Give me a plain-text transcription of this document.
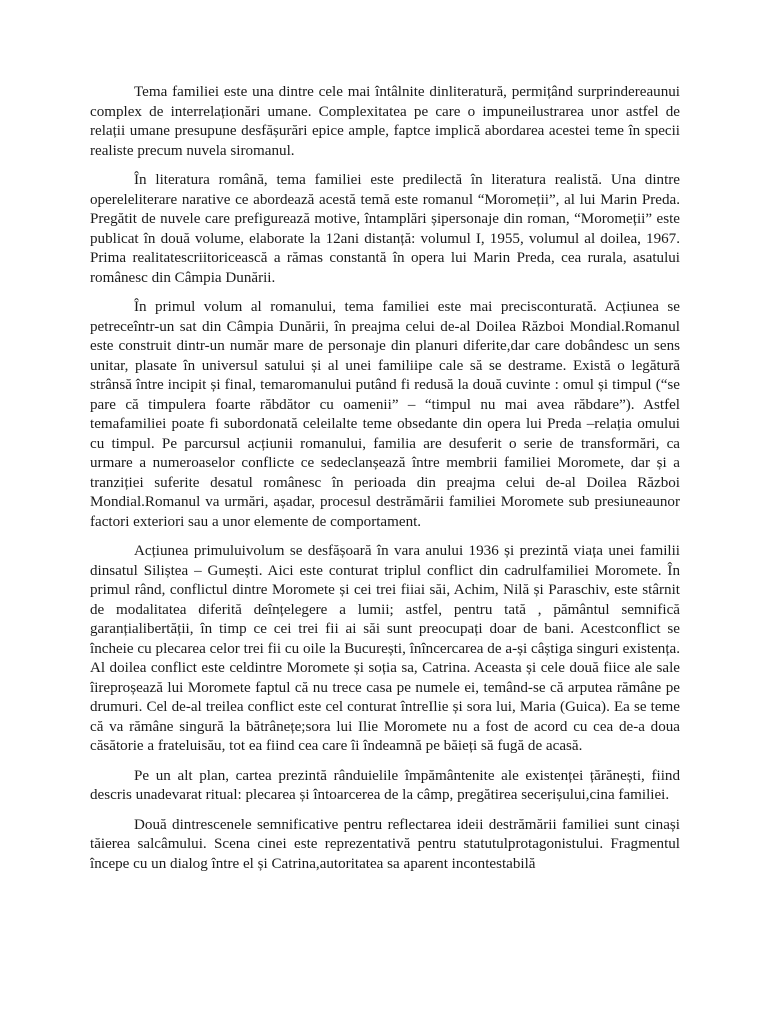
Tema familiei este una dintre cele mai întâlnite dinliteratură, permițând surprindereaunui complex de interrelaționări umane. Complexitatea pe care o impuneilustrarea unor astfel de relații umane presupune desfășurări epice ample, faptce implică abordarea acestei teme în specii realiste precum nuvela siromanul.

În literatura română, tema familiei este predilectă în literatura realistă. Una dintre opereleliterare narative ce abordează acestă temă este romanul “Moromeții”, al lui Marin Preda. Pregătit de nuvele care prefigurează motive, întamplări șipersonaje din roman, “Moromeții” este publicat în două volume, elaborate la 12ani distanță: volumul I, 1955, volumul al doilea, 1967. Prima realitatescriitoricească a rămas constantă în opera lui Marin Preda, cea rurala, asatului românesc din Câmpia Dunării.

În primul volum al romanului, tema familiei este mai precisconturată. Acțiunea se petreceîntr-un sat din Câmpia Dunării, în preajma celui de-al Doilea Război Mondial.Romanul este construit dintr-un număr mare de personaje din planuri diferite,dar care dobândesc un sens unitar, plasate în universul satului și al unei familiipe cale să se destrame. Există o legătură strânsă între incipit și final, temaromanului putând fi redusă la două cuvinte : omul și timpul (“se pare că timpulera foarte răbdător cu oamenii” – “timpul nu mai avea răbdare”). Astfel temafamiliei poate fi subordonată celeilalte teme obsedante din opera lui Preda –relația omului cu timpul. Pe parcursul acțiunii romanului, familia are desuferit o serie de transformări, ca urmare a numeroaselor conflicte ce sedeclanșează între membrii familiei Moromete, dar și a tranziției suferite desatul românesc în perioada din preajma celui de-al Doilea Război Mondial.Romanul va urmări, așadar, procesul destrămării familiei Moromete sub presiuneaunor factori exteriori sau a unor elemente de comportament.

Acțiunea primuluivolum se desfășoară în vara anului 1936 și prezintă viața unei familii dinsatul Siliștea – Gumești. Aici este conturat triplul conflict din cadrulfamiliei Moromete. În primul rând, conflictul dintre Moromete și cei trei fiiai săi, Achim, Nilă și Paraschiv, este stârnit de modalitatea diferită deînțelegere a lumii; astfel, pentru tată , pământul semnifică garanțialibertății, în timp ce cei trei fii ai săi sunt preocupați doar de bani. Acestconflict se încheie cu plecarea celor trei fii cu oile la București, înîncercarea de a-și câștiga singuri existența. Al doilea conflict este celdintre Moromete și soția sa, Catrina. Aceasta și cele două fiice ale sale îireproșează lui Moromete faptul că nu trece casa pe numele ei, temând-se că arputea rămâne pe drumuri. Cel de-al treilea conflict este cel conturat întreIlie și sora lui, Maria (Guica). Ea se teme că va rămâne singură la bătrânețe;sora lui Ilie Moromete nu a fost de acord cu cea de-a doua căsătorie a frateluisău, tot ea fiind cea care îi îndeamnă pe băieți să fugă de acasă.

Pe un alt plan, cartea prezintă rânduielile împământenite ale existenței țărănești, fiind descris unadevarat ritual: plecarea și întoarcerea de la câmp, pregătirea secerișului,cina familiei.

Două dintrescenele semnificative pentru reflectarea ideii destrămării familiei sunt cinași tăierea salcâmului. Scena cinei este reprezentativă pentru statutulprotagonistului. Fragmentul începe cu un dialog între el și Catrina,autoritatea sa aparent incontestabilă
